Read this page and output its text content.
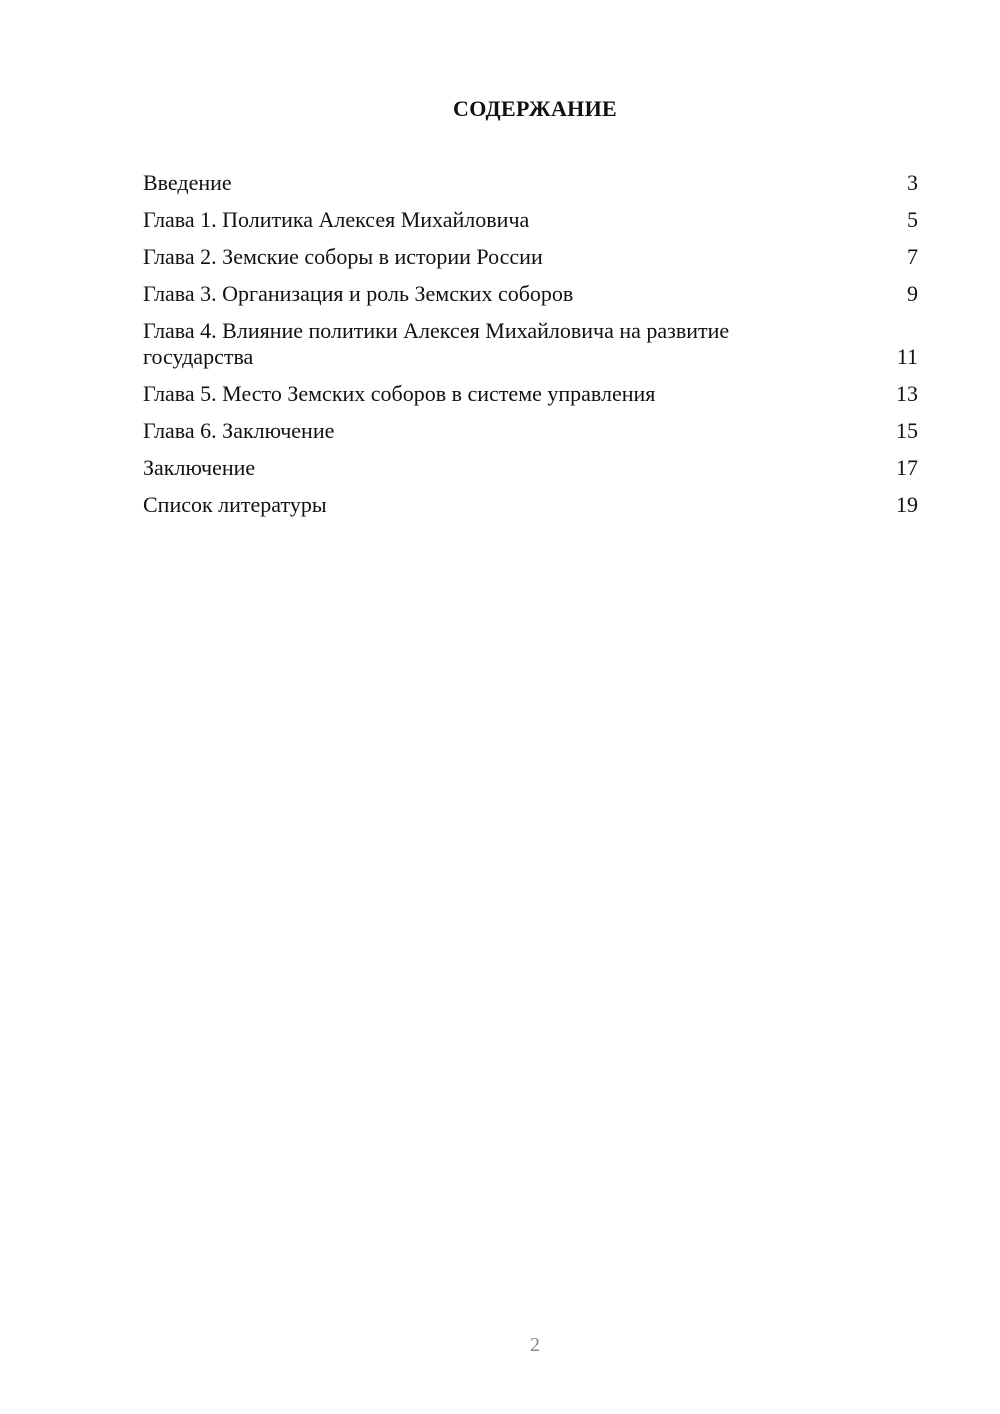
СОДЕРЖАНИЕ
Введение	3
Глава 1. Политика Алексея Михайловича	5
Глава 2. Земские соборы в истории России	7
Глава 3. Организация и роль Земских соборов	9
Глава 4. Влияние политики Алексея Михайловича на развитие государства	11
Глава 5. Место Земских соборов в системе управления	13
Глава 6. Заключение	15
Заключение	17
Список литературы	19
2
